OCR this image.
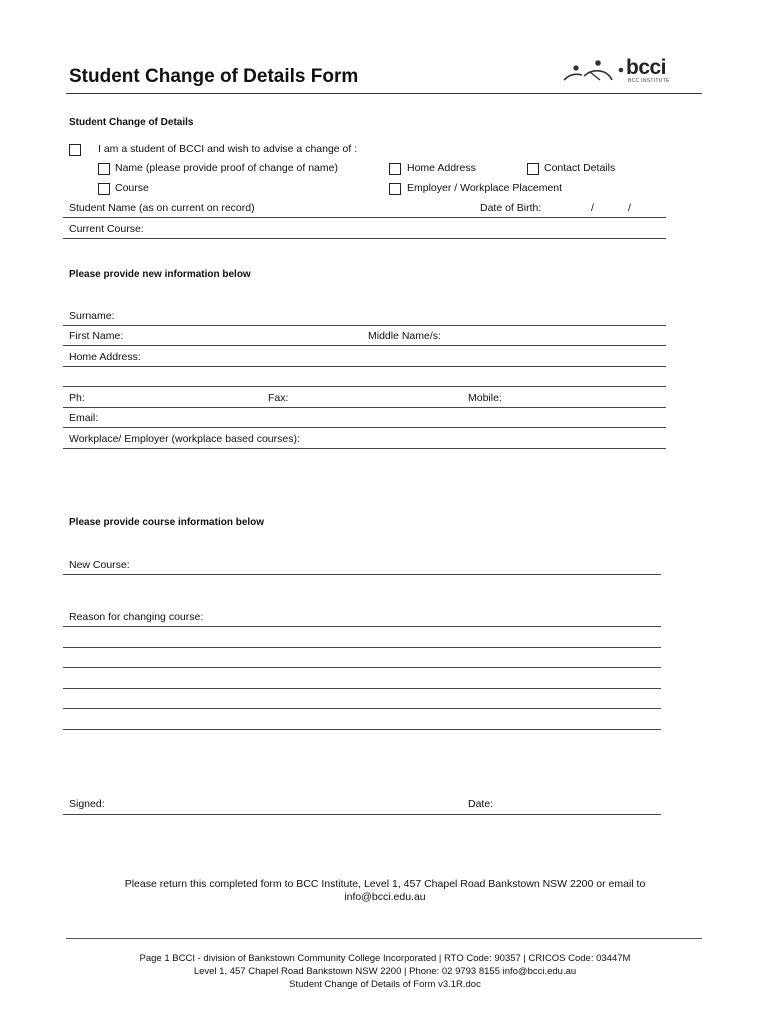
Student Change of Details Form	bcci
BCC INSTITUTE
Student Change of Details
I am a student of BCCI and wish to advise a change of :
Name (please provide proof of change of name)	Home Address	Contact Details
Course	Employer / Workplace Placement
Student Name (as on current on record)	Date of Birth:	/	/
Current Course:
Please provide new information below
Surname:
First Name:	Middle Name/s:
Home Address:
Ph:	Fax:	Mobile:
Email:
Workplace/ Employer (workplace based courses):
Please provide course information below
New Course:
Reason for changing course:
Signed:	Date:
Please return this completed form to BCC Institute, Level 1, 457 Chapel Road Bankstown NSW 2200 or email to info@bcci.edu.au
Page 1 BCCI - division of Bankstown Community College Incorporated | RTO Code: 90357 | CRICOS Code: 03447M
Level 1, 457 Chapel Road Bankstown NSW 2200 | Phone: 02 9793 8155 info@bcci.edu.au
Student Change of Details of Form v3.1R.doc
